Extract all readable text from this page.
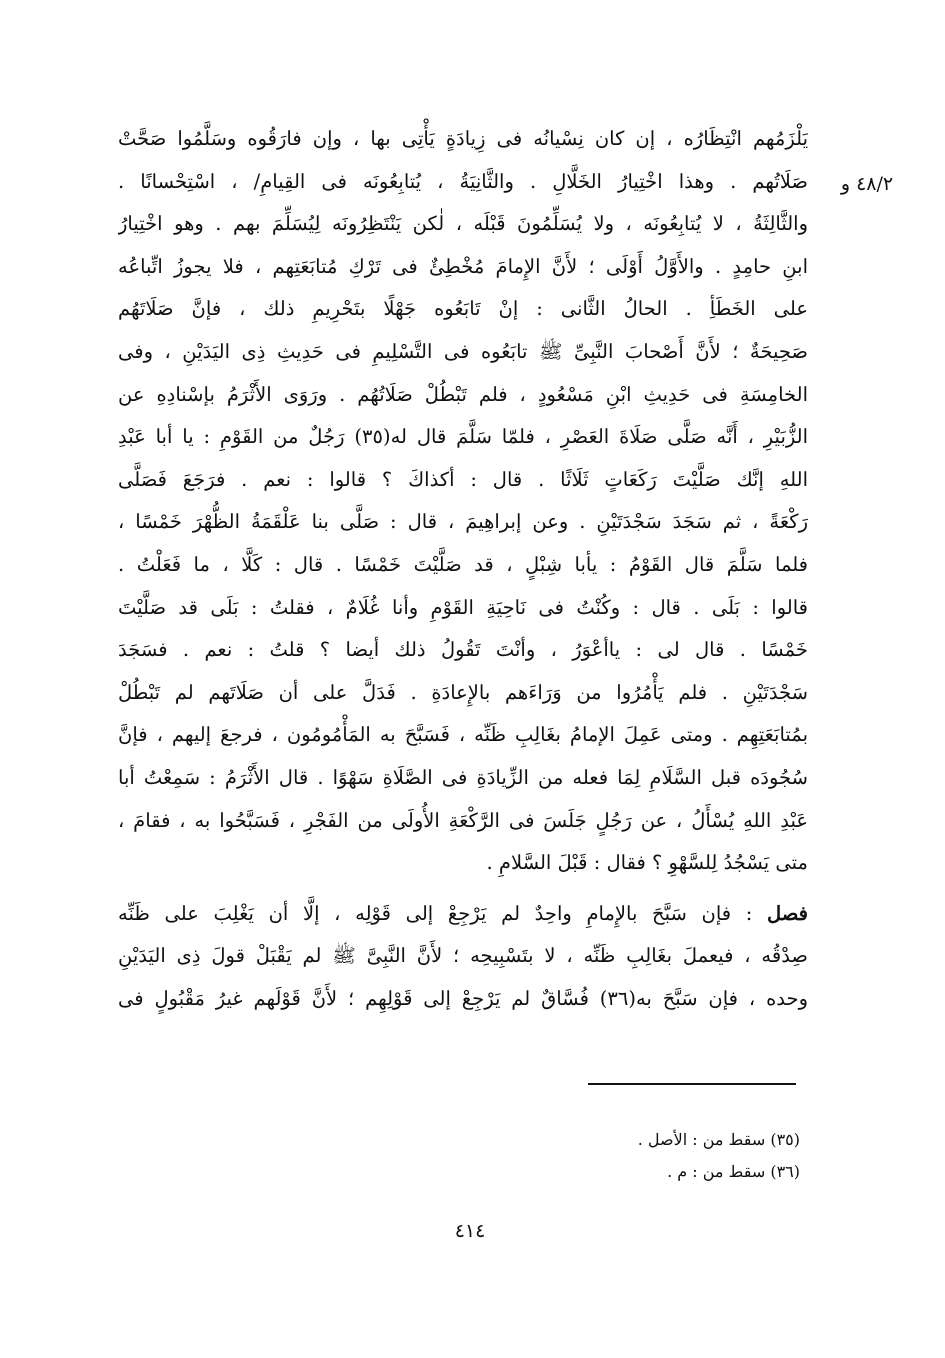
٤٨/٢ و
يَلْزَمُهم انْتِظَارُه ، إن كان نِسْيانُه فى زِيادَةٍ يَأْتِى بها ، وإن فارَقُوه وسَلَّمُوا صَحَّتْ
صَلَاتُهم . وهذا اخْتِيارُ الخَلَّالِ . والثَّانِيَةُ ، يُتابِعُونَه فى القِيامِ/ ، اسْتِحْسانًا .
والثَّالِثَةُ ، لا يُتابِعُونَه ، ولا يُسَلِّمُونَ قَبْلَه ، لٰكن يَنْتَظِرُونَه لِيُسَلِّمَ بهم . وهو اخْتِيارُ
ابنِ حامِدٍ . والأَوَّلُ أَوْلَى ؛ لأَنَّ الإِمامَ مُخْطِئٌ فى تَرْكِ مُتابَعَتِهم ، فلا يجوزُ اتِّباعُه
على الخَطَأِ . الحالُ الثَّانى : إنْ تَابَعُوه جَهْلًا بتَحْرِيمِ ذلك ، فإنَّ صَلَاتَهُم
صَحِيحَةٌ ؛ لأَنَّ أَصْحابَ النَّبِىِّ ﷺ تابَعُوه فى التَّسْلِيمِ فى حَدِيثِ ذِى اليَدَيْنِ ، وفى
الخامِسَةِ فى حَدِيثِ ابْنِ مَسْعُودٍ ، فلم تَبْطُلْ صَلَاتُهُم . ورَوَى الأَثْرَمُ بإسْنادِهِ عن
الزُّبَيْرِ ، أَنَّه صَلَّى صَلَاةَ العَصْرِ ، فلمّا سَلَّمَ قال له(٣٥) رَجُلٌ من القَوْمِ : يا أبا عَبْدِ
اللهِ إنَّك صَلَّيْتَ رَكَعَاتٍ ثَلَاثًا . قال : أكذاكَ ؟ قالوا : نعم . فرَجَعَ فَصَلَّى
رَكْعَةً ، ثم سَجَدَ سَجْدَتَيْنِ . وعن إبراهِيمَ ، قال : صَلَّى بنا عَلْقَمَةُ الظُّهْرَ خَمْسًا ،
فلما سَلَّمَ قال القَوْمُ : يأبا شِبْلٍ ، قد صَلَّيْتَ خَمْسًا . قال : كَلَّا ، ما فَعَلْتُ .
قالوا : بَلَى . قال : وكُنْتُ فى نَاحِيَةِ القَوْمِ وأنا غُلَامٌ ، فقلتُ : بَلَى قد صَلَّيْتَ
خَمْسًا . قال لى : ياأعْوَرُ ، وأنْتَ تَقُولُ ذلك أيضا ؟ قلتُ : نعم . فسَجَدَ
سَجْدَتَيْنِ . فلم يَأْمُرُوا من وَرَاءَهم بالإِعادَةِ . فَدَلَّ على أن صَلَاتَهم لم تَبْطُلْ
بمُتابَعَتِهِم . ومتى عَمِلَ الإمامُ بغَالِبِ ظَنِّه ، فَسَبَّحَ به المَأْمُومُون ، فرجعَ إليهم ، فإنَّ
سُجُودَه قبل السَّلَامِ لِمَا فعله من الزِّيادَةِ فى الصَّلَاةِ سَهْوًا . قال الأَثْرَمُ : سَمِعْتُ أبا
عَبْدِ اللهِ يُسْأَلُ ، عن رَجُلٍ جَلَسَ فى الرَّكْعَةِ الأُولَى من الفَجْرِ ، فَسَبَّحُوا به ، فقامَ ،
متى يَسْجُدُ لِلسَّهْوِ ؟ فقال : قَبْلَ السَّلامِ .
فصل : فإن سَبَّحَ بالإِمامِ واحِدٌ لم يَرْجِعْ إلى قَوْلِه ، إلَّا أن يَغْلِبَ على ظَنِّه
صِدْقُه ، فيعملَ بغَالِبِ ظَنِّه ، لا بتَسْبِيحِه ؛ لأَنَّ النَّبِىَّ ﷺ لم يَقْبَلْ قولَ ذِى اليَدَيْنِ
وحده ، فإن سَبَّحَ به(٣٦) فُسَّاقٌ لم يَرْجِعْ إلى قَوْلِهِم ؛ لأَنَّ قَوْلَهم غيرُ مَقْبُولٍ فى
(٣٥) سقط من : الأصل .
(٣٦) سقط من : م .
٤١٤
